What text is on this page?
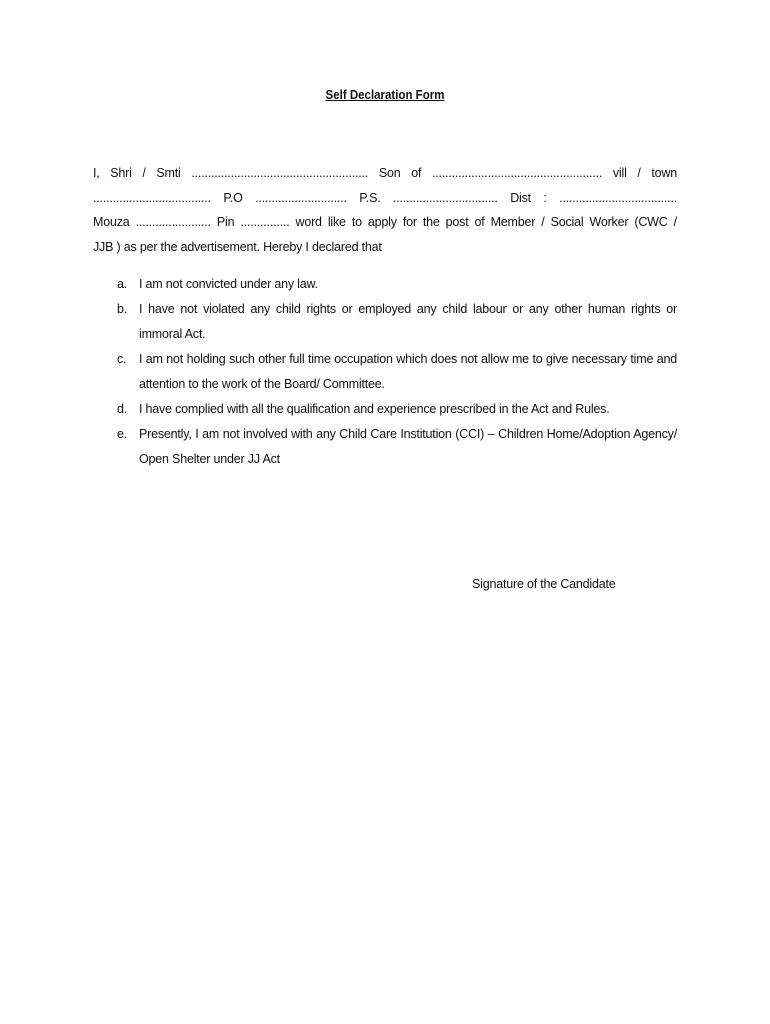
Self Declaration Form
I, Shri / Smti ...................................................... Son of .................................................... vill / town
.................................... P.O ............................ P.S. ................................ Dist : ....................................
Mouza ....................... Pin ............... word like to apply for the post of Member / Social Worker (CWC /
JJB ) as per the advertisement. Hereby I declared that
a. I am not convicted under any law.
b. I have not violated any child rights or employed any child labour or any other human rights or immoral Act.
c. I am not holding such other full time occupation which does not allow me to give necessary time and attention to the work of the Board/ Committee.
d. I have complied with all the qualification and experience prescribed in the Act and Rules.
e. Presently, I am not involved with any Child Care Institution (CCI) – Children Home/Adoption Agency/ Open Shelter under JJ Act
Signature of the Candidate
